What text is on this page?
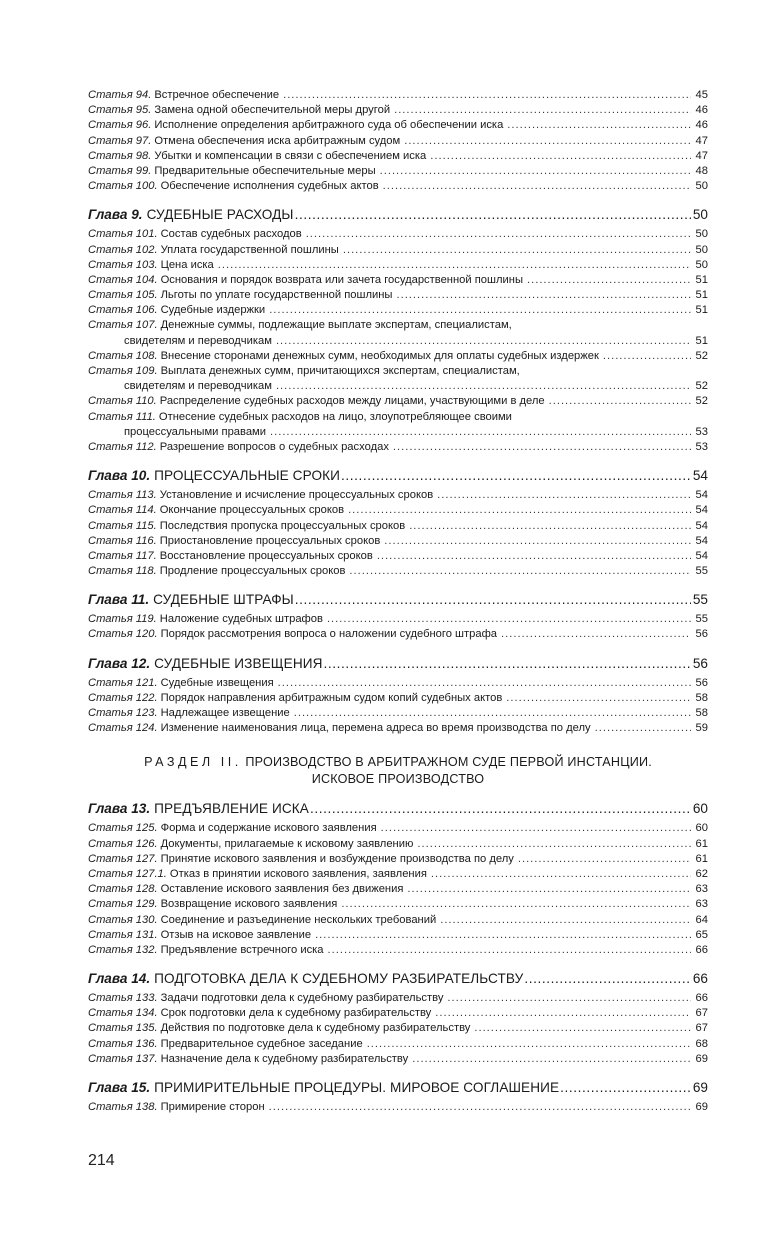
Статья 94. Встречное обеспечение .....	45
Статья 95. Замена одной обеспечительной меры другой .....	46
Статья 96. Исполнение определения арбитражного суда об обеспечении иска .....	46
Статья 97. Отмена обеспечения иска арбитражным судом .....	47
Статья 98. Убытки и компенсации в связи с обеспечением иска .....	47
Статья 99. Предварительные обеспечительные меры .....	48
Статья 100. Обеспечение исполнения судебных актов .....	50
Глава 9. СУДЕБНЫЕ РАСХОДЫ .....	50
Статья 101. Состав судебных расходов .....	50
Статья 102. Уплата государственной пошлины .....	50
Статья 103. Цена иска .....	50
Статья 104. Основания и порядок возврата или зачета государственной пошлины .....	51
Статья 105. Льготы по уплате государственной пошлины .....	51
Статья 106. Судебные издержки .....	51
Статья 107. Денежные суммы, подлежащие выплате экспертам, специалистам,
свидетелям и переводчикам .....	51
Статья 108. Внесение сторонами денежных сумм, необходимых для оплаты судебных издержек .....	52
Статья 109. Выплата денежных сумм, причитающихся экспертам, специалистам,
свидетелям и переводчикам .....	52
Статья 110. Распределение судебных расходов между лицами, участвующими в деле .....	52
Статья 111. Отнесение судебных расходов на лицо, злоупотребляющее своими
процессуальными правами .....	53
Статья 112. Разрешение вопросов о судебных расходах .....	53
Глава 10. ПРОЦЕССУАЛЬНЫЕ СРОКИ .....	54
Статья 113. Установление и исчисление процессуальных сроков .....	54
Статья 114. Окончание процессуальных сроков .....	54
Статья 115. Последствия пропуска процессуальных сроков .....	54
Статья 116. Приостановление процессуальных сроков .....	54
Статья 117. Восстановление процессуальных сроков .....	54
Статья 118. Продление процессуальных сроков .....	55
Глава 11. СУДЕБНЫЕ ШТРАФЫ .....	55
Статья 119. Наложение судебных штрафов .....	55
Статья 120. Порядок рассмотрения вопроса о наложении судебного штрафа .....	56
Глава 12. СУДЕБНЫЕ ИЗВЕЩЕНИЯ .....	56
Статья 121. Судебные извещения .....	56
Статья 122. Порядок направления арбитражным судом копий судебных актов .....	58
Статья 123. Надлежащее извещение .....	58
Статья 124. Изменение наименования лица, перемена адреса во время производства по делу .....	59
РАЗДЕЛ II. ПРОИЗВОДСТВО В АРБИТРАЖНОМ СУДЕ ПЕРВОЙ ИНСТАНЦИИ.
ИСКОВОЕ ПРОИЗВОДСТВО
Глава 13. ПРЕДЪЯВЛЕНИЕ ИСКА .....	60
Статья 125. Форма и содержание искового заявления .....	60
Статья 126. Документы, прилагаемые к исковому заявлению .....	61
Статья 127. Принятие искового заявления и возбуждение производства по делу .....	61
Статья 127.1. Отказ в принятии искового заявления, заявления .....	62
Статья 128. Оставление искового заявления без движения .....	63
Статья 129. Возвращение искового заявления .....	63
Статья 130. Соединение и разъединение нескольких требований .....	64
Статья 131. Отзыв на исковое заявление .....	65
Статья 132. Предъявление встречного иска .....	66
Глава 14. ПОДГОТОВКА ДЕЛА К СУДЕБНОМУ РАЗБИРАТЕЛЬСТВУ .....	66
Статья 133. Задачи подготовки дела к судебному разбирательству .....	66
Статья 134. Срок подготовки дела к судебному разбирательству .....	67
Статья 135. Действия по подготовке дела к судебному разбирательству .....	67
Статья 136. Предварительное судебное заседание .....	68
Статья 137. Назначение дела к судебному разбирательству .....	69
Глава 15. ПРИМИРИТЕЛЬНЫЕ ПРОЦЕДУРЫ. МИРОВОЕ СОГЛАШЕНИЕ .....	69
Статья 138. Примирение сторон .....	69
214
